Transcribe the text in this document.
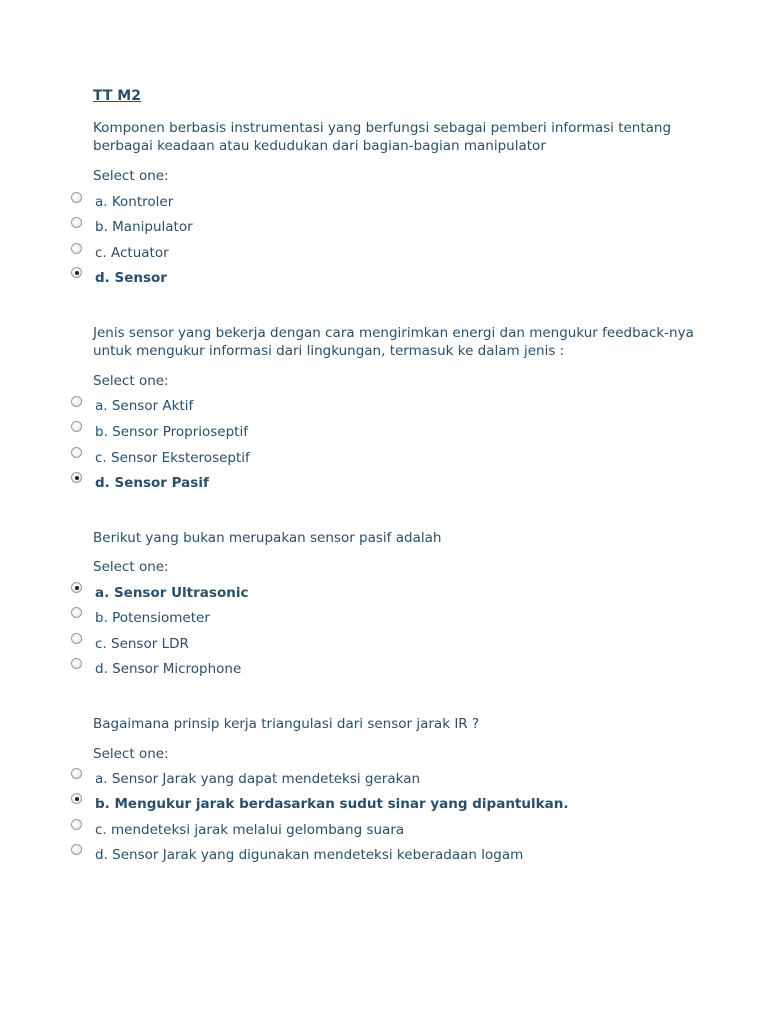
TT M2
Komponen berbasis instrumentasi yang berfungsi sebagai pemberi informasi tentang berbagai keadaan atau kedudukan dari bagian-bagian manipulator
Select one:
a. Kontroler
b. Manipulator
c. Actuator
d. Sensor
Jenis sensor yang bekerja dengan cara mengirimkan energi dan mengukur feedback-nya untuk mengukur informasi dari lingkungan, termasuk ke dalam jenis :
Select one:
a. Sensor Aktif
b. Sensor Proprioseptif
c. Sensor Eksteroseptif
d. Sensor Pasif
Berikut yang bukan merupakan sensor pasif adalah
Select one:
a. Sensor Ultrasonic
b. Potensiometer
c. Sensor LDR
d. Sensor Microphone
Bagaimana prinsip kerja triangulasi dari sensor jarak IR ?
Select one:
a. Sensor Jarak yang dapat mendeteksi gerakan
b. Mengukur jarak berdasarkan sudut sinar yang dipantulkan.
c. mendeteksi jarak melalui gelombang suara
d. Sensor Jarak yang digunakan mendeteksi keberadaan logam
